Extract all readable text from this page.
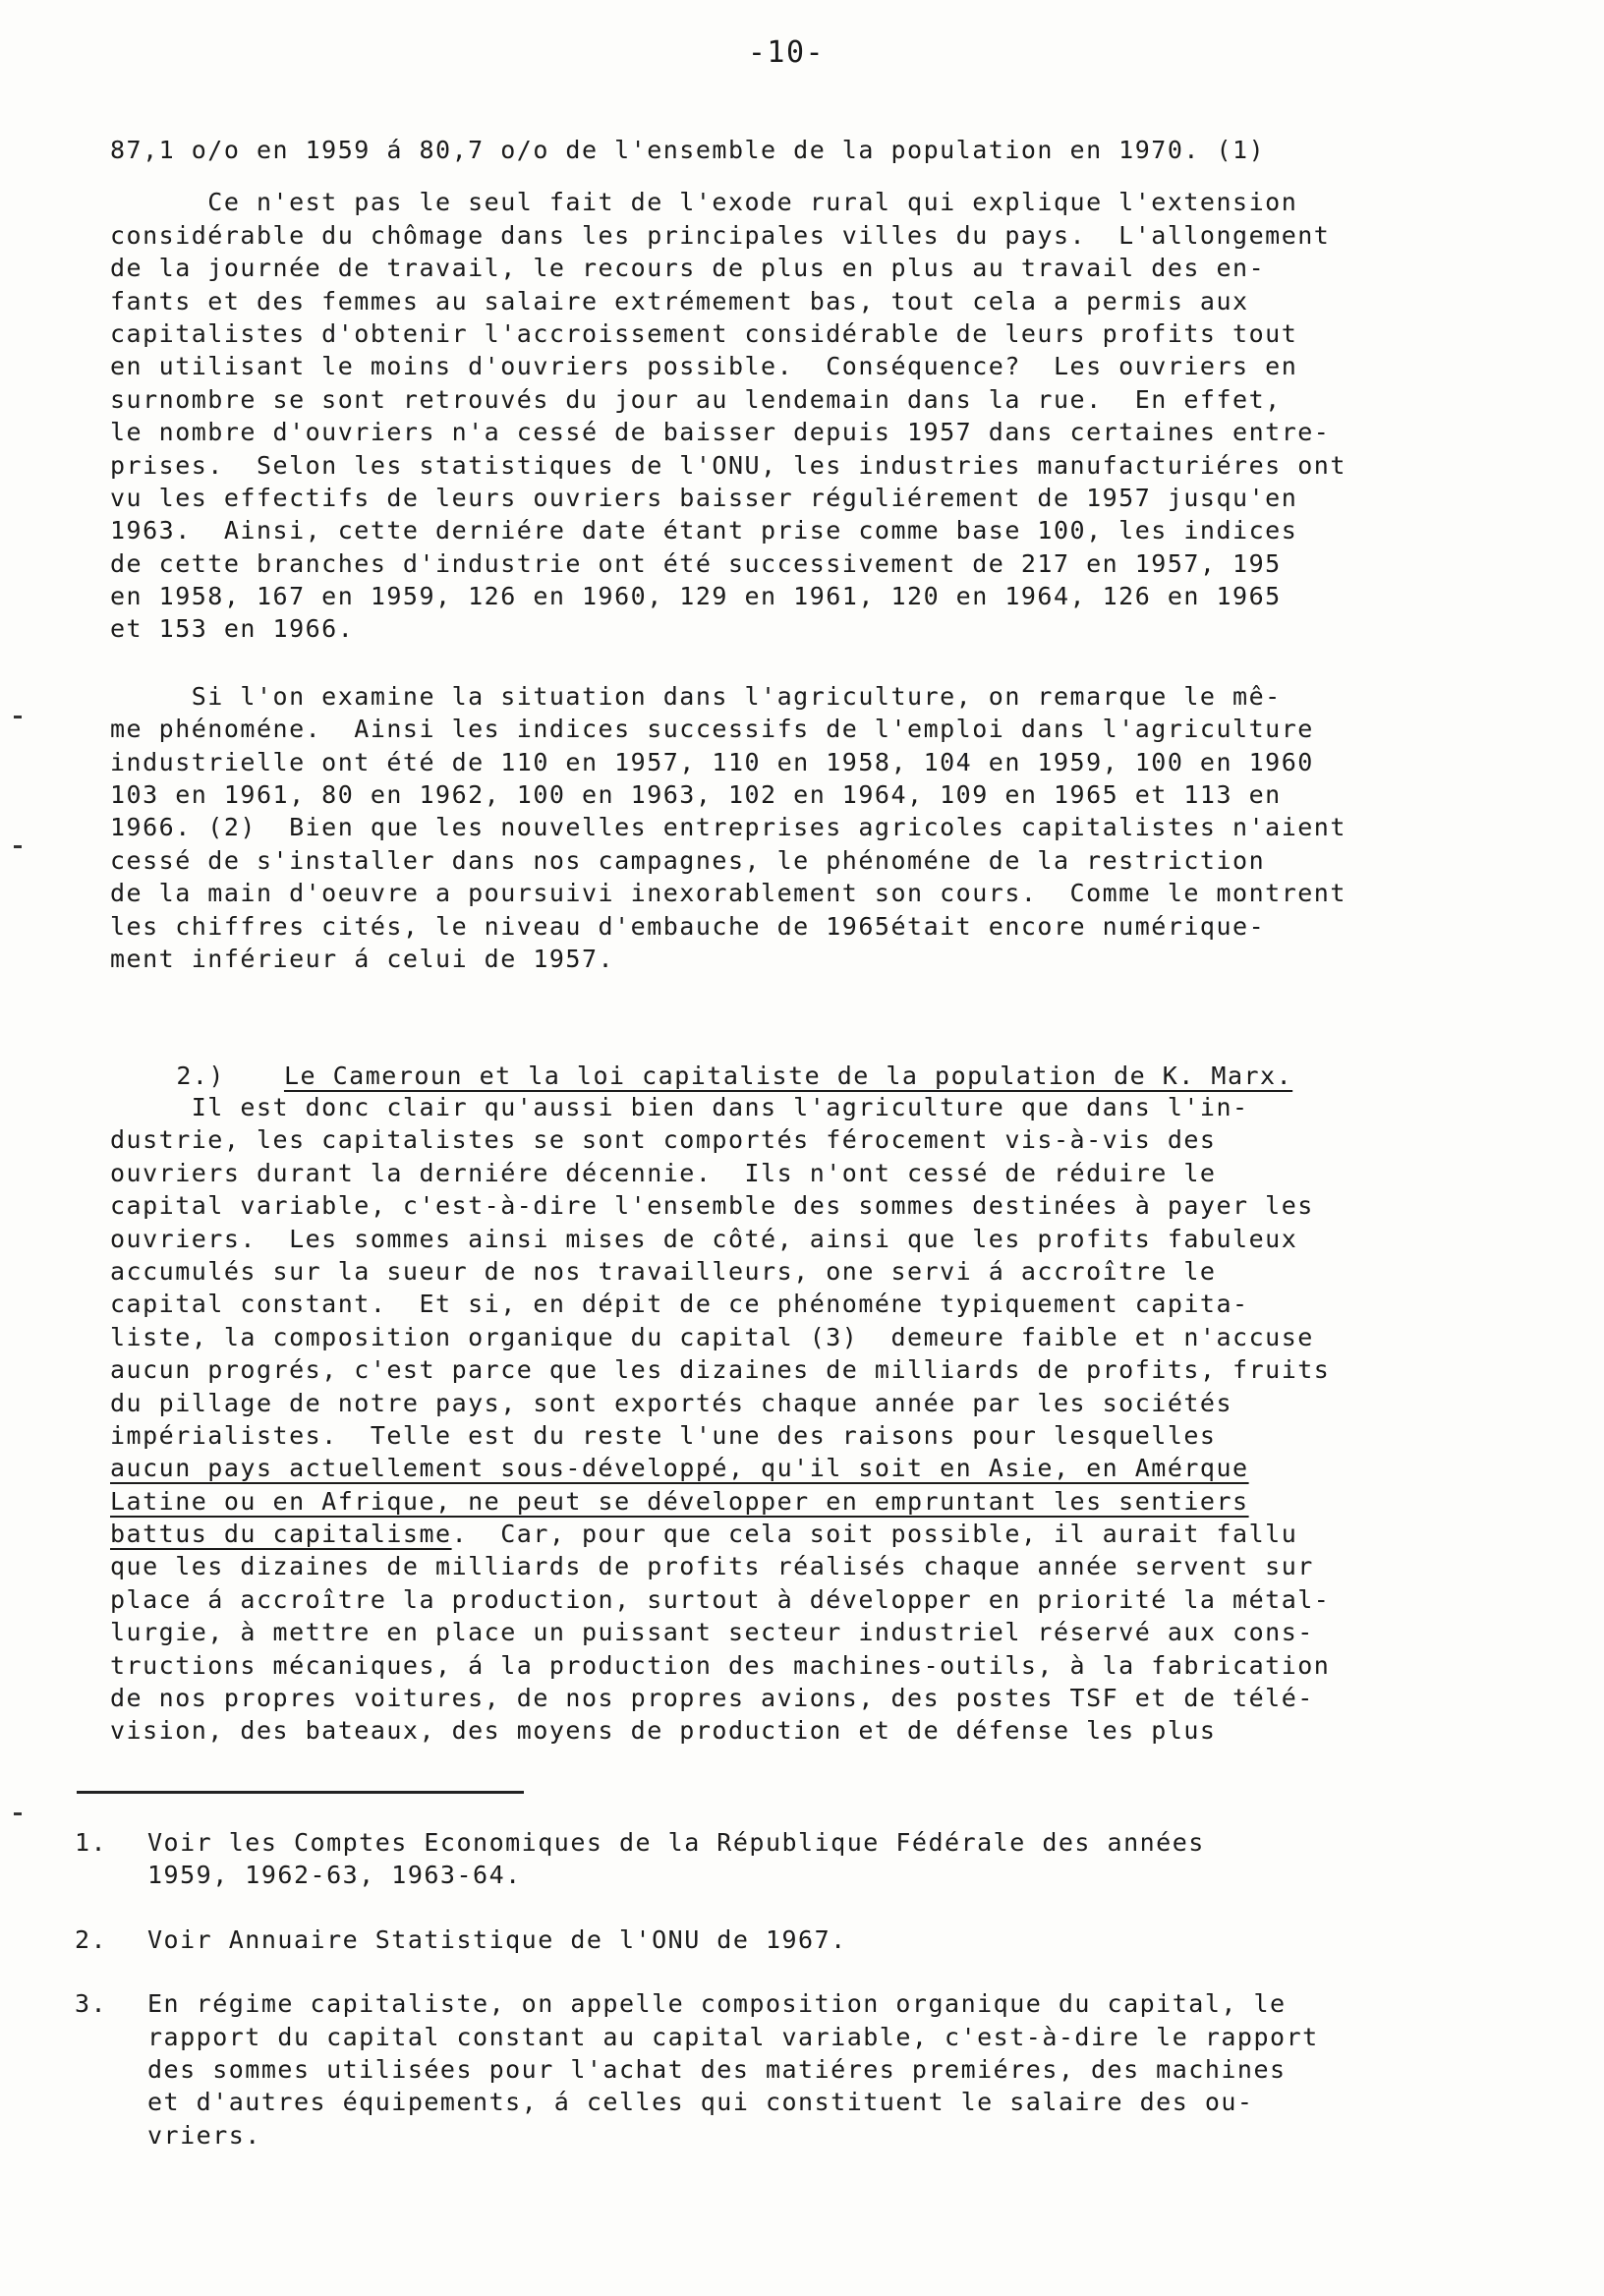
-10-
87,1 o/o en 1959 á 80,7 o/o de l'ensemble de la population en 1970. (1)
Ce n'est pas le seul fait de l'exode rural qui explique l'extension
considérable du chômage dans les principales villes du pays.  L'allongement
de la journée de travail, le recours de plus en plus au travail des en-
fants et des femmes au salaire extrémement bas, tout cela a permis aux
capitalistes d'obtenir l'accroissement considérable de leurs profits tout
en utilisant le moins d'ouvriers possible.  Conséquence?  Les ouvriers en
surnombre se sont retrouvés du jour au lendemain dans la rue.  En effet,
le nombre d'ouvriers n'a cessé de baisser depuis 1957 dans certaines entre-
prises.  Selon les statistiques de l'ONU, les industries manufacturiéres ont
vu les effectifs de leurs ouvriers baisser réguliérement de 1957 jusqu'en
1963.  Ainsi, cette derniére date étant prise comme base 100, les indices
de cette branches d'industrie ont été successivement de 217 en 1957, 195
en 1958, 167 en 1959, 126 en 1960, 129 en 1961, 120 en 1964, 126 en 1965
et 153 en 1966.
Si l'on examine la situation dans l'agriculture, on remarque le mê-
me phénoméne.  Ainsi les indices successifs de l'emploi dans l'agriculture
industrielle ont été de 110 en 1957, 110 en 1958, 104 en 1959, 100 en 1960
103 en 1961, 80 en 1962, 100 en 1963, 102 en 1964, 109 en 1965 et 113 en
1966. (2)  Bien que les nouvelles entreprises agricoles capitalistes n'aient
cessé de s'installer dans nos campagnes, le phénoméne de la restriction
de la main d'oeuvre a poursuivi inexorablement son cours.  Comme le montrent
les chiffres cités, le niveau d'embauche de 1965était encore numérique-
ment inférieur á celui de 1957.

2.) Le Cameroun et la loi capitaliste de la population de K. Marx.

Il est donc clair qu'aussi bien dans l'agriculture que dans l'in-
dustrie, les capitalistes se sont comportés férocement vis-à-vis des
ouvriers durant la derniére décennie.  Ils n'ont cessé de réduire le
capital variable, c'est-à-dire l'ensemble des sommes destinées à payer les
ouvriers.  Les sommes ainsi mises de côté, ainsi que les profits fabuleux
accumulés sur la sueur de nos travailleurs, one servi á accroître le
capital constant.  Et si, en dépit de ce phénoméne typiquement capita-
liste, la composition organique du capital (3)  demeure faible et n'accuse
aucun progrés, c'est parce que les dizaines de milliards de profits, fruits
du pillage de notre pays, sont exportés chaque année par les sociétés
impérialistes.  Telle est du reste l'une des raisons pour lesquelles
aucun pays actuellement sous-développé, qu'il soit en Asie, en Amérque
Latine ou en Afrique, ne peut se développer en empruntant les sentiers
battus du capitalisme.  Car, pour que cela soit possible, il aurait fallu
que les dizaines de milliards de profits réalisés chaque année servent sur
place á accroître la production, surtout à développer en priorité la métal-
lurgie, à mettre en place un puissant secteur industriel réservé aux cons-
tructions mécaniques, á la production des machines-outils, à la fabrication
de nos propres voitures, de nos propres avions, des postes TSF et de télé-
vision, des bateaux, des moyens de production et de défense les plus
1. Voir les Comptes Economiques de la République Fédérale des années
1959, 1962-63, 1963-64.
2. Voir Annuaire Statistique de l'ONU de 1967.
3. En régime capitaliste, on appelle composition organique du capital, le
rapport du capital constant au capital variable, c'est-à-dire le rapport
des sommes utilisées pour l'achat des matiéres premiéres, des machines
et d'autres équipements, á celles qui constituent le salaire des ou-
vriers.
